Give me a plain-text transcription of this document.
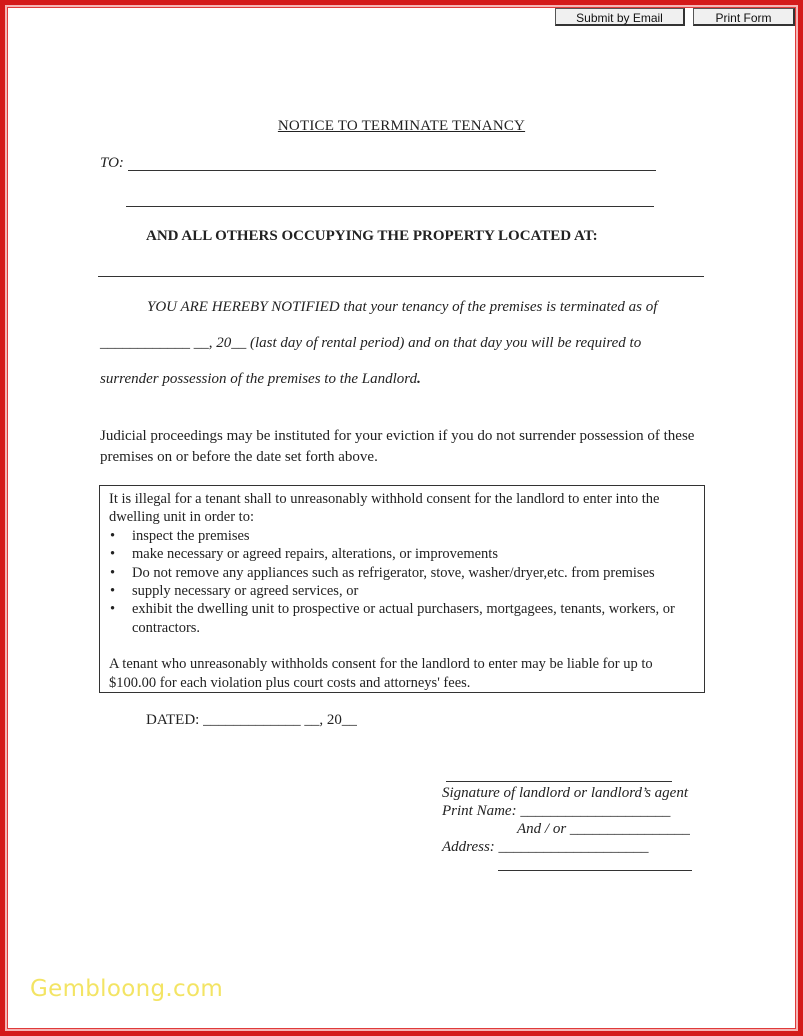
Submit by Email	Print Form
NOTICE TO TERMINATE TENANCY
TO:
AND ALL OTHERS OCCUPYING THE PROPERTY LOCATED AT:
YOU ARE HEREBY NOTIFIED that your tenancy of the premises is terminated as of
____________ __, 20__ (last day of rental period) and on that day you will be required to
surrender possession of the premises to the Landlord.
Judicial proceedings may be instituted for your eviction if you do not surrender possession of these premises on or before the date set forth above.

It is illegal for a tenant shall to unreasonably withhold consent for the landlord to enter into the dwelling unit in order to:

• inspect the premises
• make necessary or agreed repairs, alterations, or improvements
• Do not remove any appliances such as refrigerator, stove, washer/dryer,etc. from premises
• supply necessary or agreed services, or
• exhibit the dwelling unit to prospective or actual purchasers, mortgagees, tenants, workers, or contractors.

A tenant who unreasonably withholds consent for the landlord to enter may be liable for up to $100.00 for each violation plus court costs and attorneys' fees.

DATED: _____________ __, 20__
Signature of landlord or landlord’s agent
Print Name: ____________________
And / or ________________
Address: ____________________
Gembloong.com
